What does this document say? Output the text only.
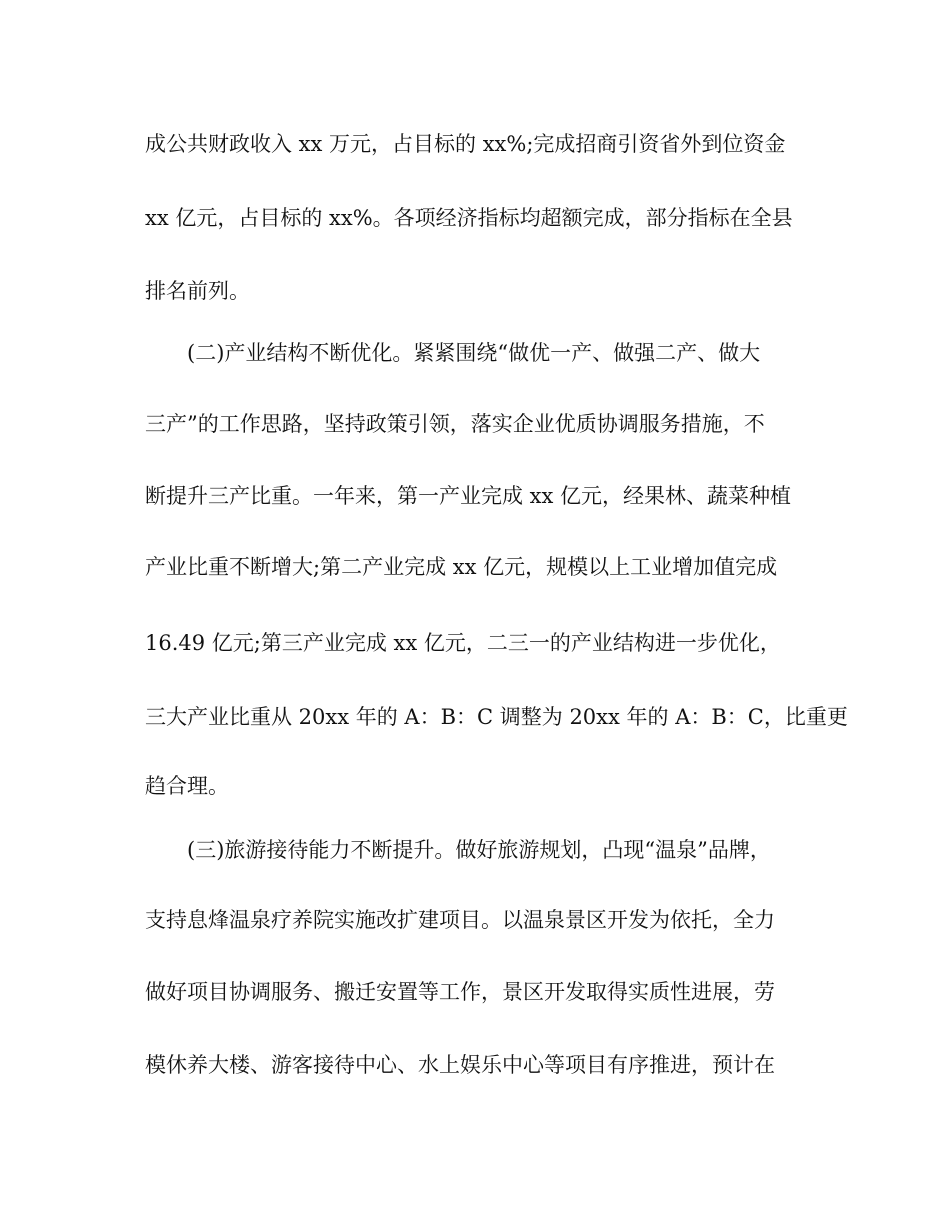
成公共财政收入 xx 万元，占目标的 xx%;完成招商引资省外到位资金
xx 亿元，占目标的 xx%。各项经济指标均超额完成，部分指标在全县
排名前列。
(二)产业结构不断优化。紧紧围绕“做优一产、做强二产、做大
三产”的工作思路，坚持政策引领，落实企业优质协调服务措施，不
断提升三产比重。一年来，第一产业完成 xx 亿元，经果林、蔬菜种植
产业比重不断增大;第二产业完成 xx 亿元，规模以上工业增加值完成
16.49 亿元;第三产业完成 xx 亿元，二三一的产业结构进一步优化，
三大产业比重从 20xx 年的 A：B：C 调整为 20xx 年的 A：B：C，比重更
趋合理。
(三)旅游接待能力不断提升。做好旅游规划，凸现“温泉”品牌，
支持息烽温泉疗养院实施改扩建项目。以温泉景区开发为依托，全力
做好项目协调服务、搬迁安置等工作，景区开发取得实质性进展，劳
模休养大楼、游客接待中心、水上娱乐中心等项目有序推进，预计在
